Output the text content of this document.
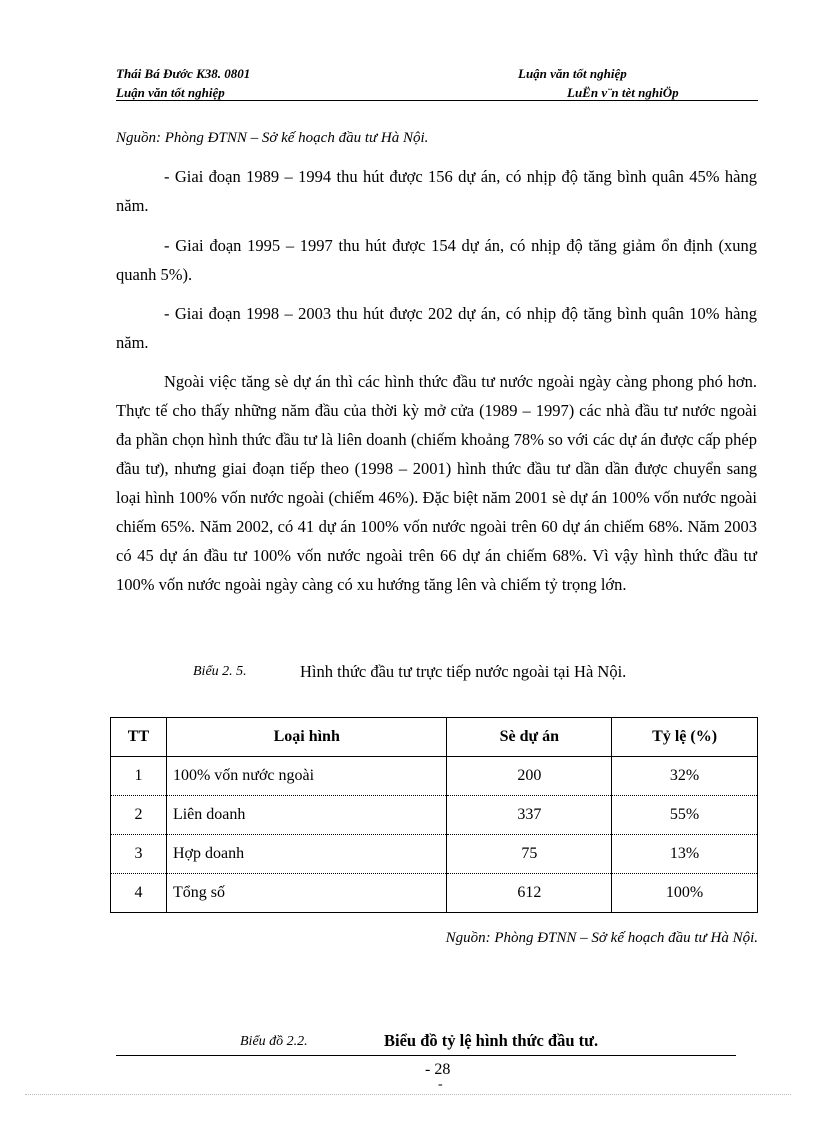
Thái Bá Đước K38. 0801	Luận văn tốt nghiệp
Luận văn tốt nghiệp	LuËn v¨n tèt nghiÖp
Nguồn: Phòng ĐTNN – Sở kế hoạch đầu tư Hà Nội.
- Giai đoạn 1989 – 1994 thu hút được 156 dự án, có nhịp độ tăng bình quân 45% hàng năm.
- Giai đoạn 1995 – 1997 thu hút được 154 dự án, có nhịp độ tăng giảm ổn định (xung quanh 5%).
- Giai đoạn 1998 – 2003 thu hút được 202 dự án, có nhịp độ tăng bình quân 10% hàng năm.
Ngoài việc tăng sè dự án thì các hình thức đầu tư nước ngoài ngày càng phong phó hơn. Thực tế cho thấy những năm đầu của thời kỳ mở cửa (1989 – 1997) các nhà đầu tư nước ngoài đa phần chọn hình thức đầu tư là liên doanh (chiếm khoảng 78% so với các dự án được cấp phép đầu tư), nhưng giai đoạn tiếp theo (1998 – 2001) hình thức đầu tư dần dần được chuyển sang loại hình 100% vốn nước ngoài (chiếm 46%). Đặc biệt năm 2001 sè dự án 100% vốn nước ngoài chiếm 65%. Năm 2002, có 41 dự án 100% vốn nước ngoài trên 60 dự án chiếm 68%. Năm 2003 có 45 dự án đầu tư 100% vốn nước ngoài trên 66 dự án chiếm 68%. Vì vậy hình thức đầu tư 100% vốn nước ngoài ngày càng có xu hướng tăng lên và chiếm tỷ trọng lớn.
Biểu 2. 5.	Hình thức đầu tư trực tiếp nước ngoài tại Hà Nội.
TT	Loại hình	Sè dự án	Tỷ lệ (%)
1	100% vốn nước ngoài	200	32%
2	Liên doanh	337	55%
3	Hợp doanh	75	13%
4	Tổng số	612	100%
Nguồn: Phòng ĐTNN – Sở kế hoạch đầu tư Hà Nội.
Biểu đồ 2.2.	Biểu đồ tỷ lệ hình thức đầu tư.
- 28
-
